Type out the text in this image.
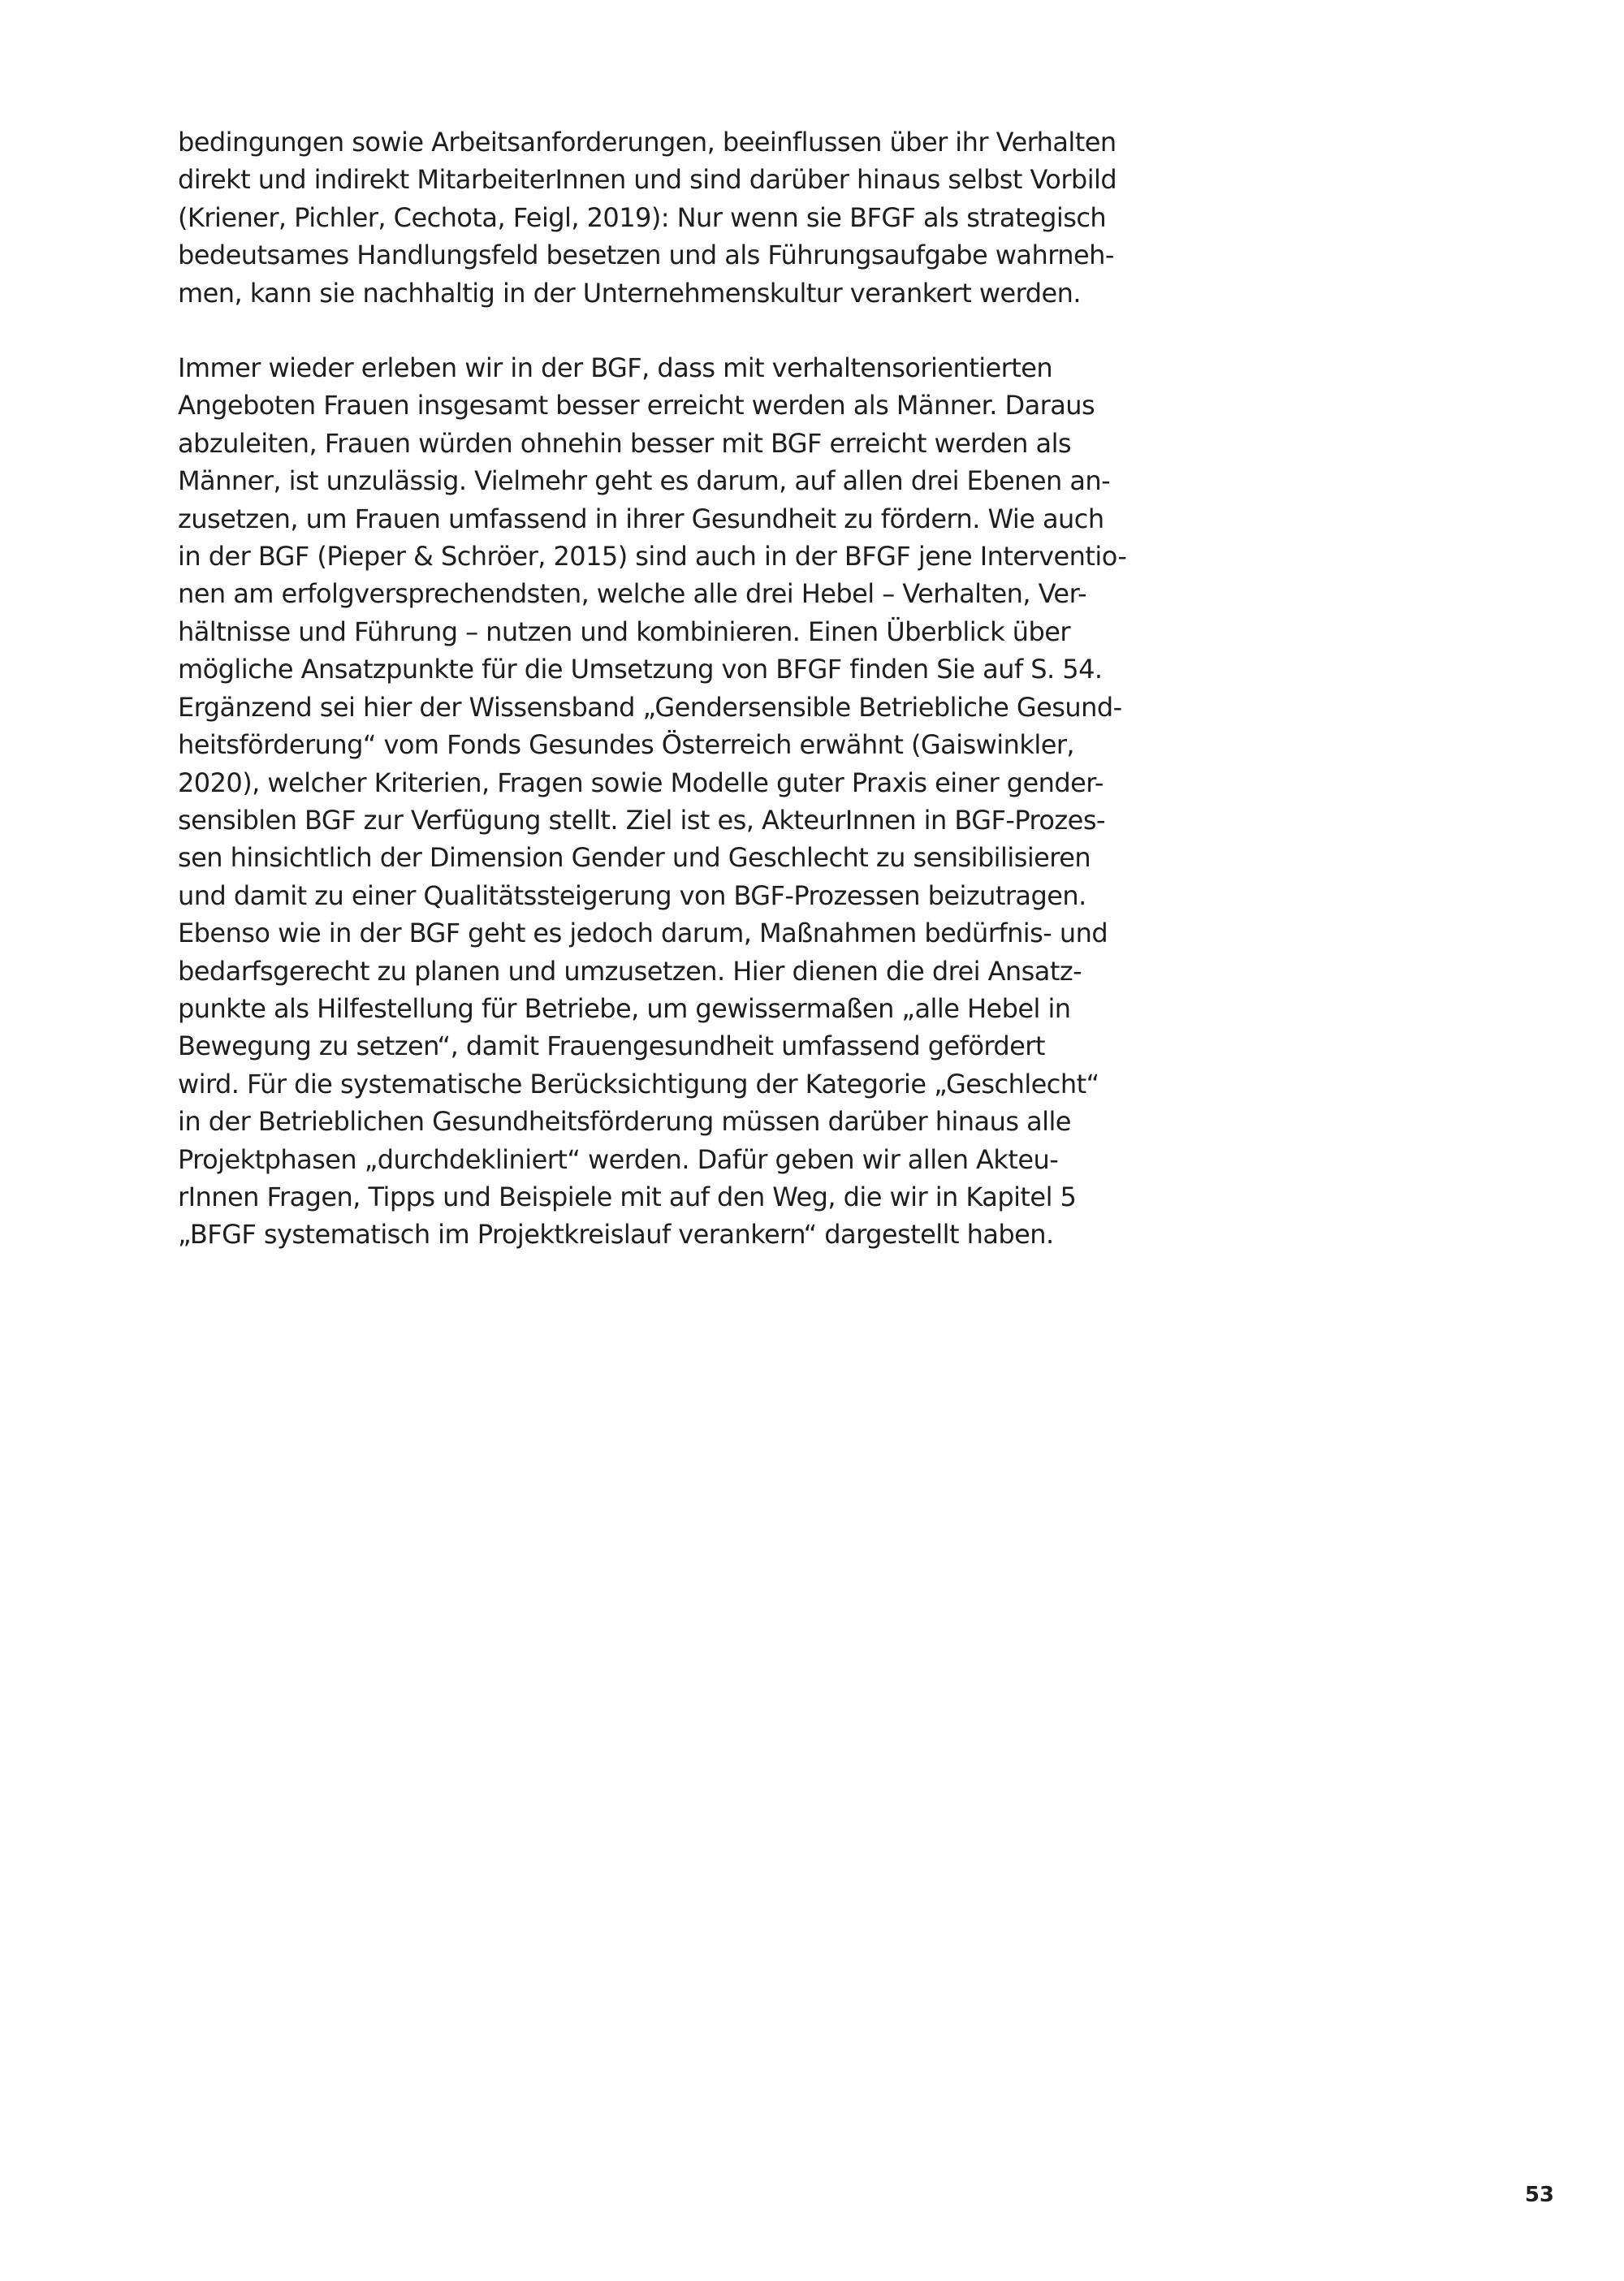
bedingungen sowie Arbeitsanforderungen, beeinflussen über ihr Verhalten
direkt und indirekt MitarbeiterInnen und sind darüber hinaus selbst Vorbild
(Kriener, Pichler, Cechota, Feigl, 2019): Nur wenn sie BFGF als strategisch
bedeutsames Handlungsfeld besetzen und als Führungsaufgabe wahrneh-
men, kann sie nachhaltig in der Unternehmenskultur verankert werden.

Immer wieder erleben wir in der BGF, dass mit verhaltensorientierten
Angeboten Frauen insgesamt besser erreicht werden als Männer. Daraus
abzuleiten, Frauen würden ohnehin besser mit BGF erreicht werden als
Männer, ist unzulässig. Vielmehr geht es darum, auf allen drei Ebenen an-
zusetzen, um Frauen umfassend in ihrer Gesundheit zu fördern. Wie auch
in der BGF (Pieper & Schröer, 2015) sind auch in der BFGF jene Interventio-
nen am erfolgversprechendsten, welche alle drei Hebel – Verhalten, Ver-
hältnisse und Führung – nutzen und kombinieren. Einen Überblick über
mögliche Ansatzpunkte für die Umsetzung von BFGF finden Sie auf S. 54.
Ergänzend sei hier der Wissensband „Gendersensible Betriebliche Gesund-
heitsförderung“ vom Fonds Gesundes Österreich erwähnt (Gaiswinkler,
2020), welcher Kriterien, Fragen sowie Modelle guter Praxis einer gender-
sensiblen BGF zur Verfügung stellt. Ziel ist es, AkteurInnen in BGF-Prozes-
sen hinsichtlich der Dimension Gender und Geschlecht zu sensibilisieren
und damit zu einer Qualitätssteigerung von BGF-Prozessen beizutragen.
Ebenso wie in der BGF geht es jedoch darum, Maßnahmen bedürfnis- und
bedarfsgerecht zu planen und umzusetzen. Hier dienen die drei Ansatz-
punkte als Hilfestellung für Betriebe, um gewissermaßen „alle Hebel in
Bewegung zu setzen“, damit Frauengesundheit umfassend gefördert
wird. Für die systematische Berücksichtigung der Kategorie „Geschlecht“
in der Betrieblichen Gesundheitsförderung müssen darüber hinaus alle
Projektphasen „durchdekliniert“ werden. Dafür geben wir allen Akteu-
rInnen Fragen, Tipps und Beispiele mit auf den Weg, die wir in Kapitel 5
„BFGF systematisch im Projektkreislauf verankern“ dargestellt haben.

53
